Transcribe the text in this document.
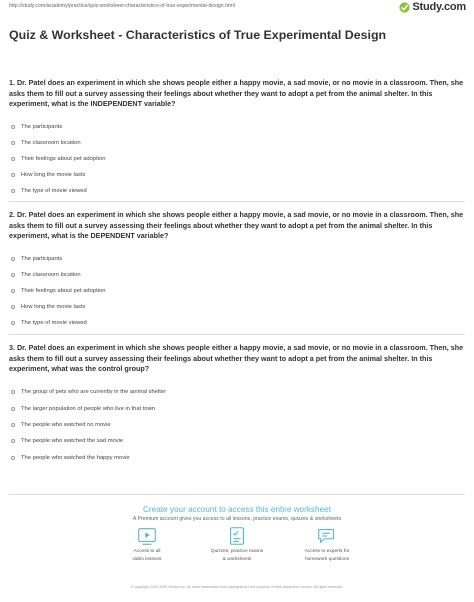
http://study.com/academy/practice/quiz-worksheet-characteristics-of-true-experimental-design.html	Study.com
Quiz & Worksheet - Characteristics of True Experimental Design

1. Dr. Patel does an experiment in which she shows people either a happy movie, a sad movie, or no movie in a classroom. Then, she asks them to fill out a survey assessing their feelings about whether they want to adopt a pet from the animal shelter. In this experiment, what is the INDEPENDENT variable?

The participants
The classroom location
Their feelings about pet adoption
How long the movie lasts
The type of movie viewed

2. Dr. Patel does an experiment in which she shows people either a happy movie, a sad movie, or no movie in a classroom. Then, she asks them to fill out a survey assessing their feelings about whether they want to adopt a pet from the animal shelter. In this experiment, what is the DEPENDENT variable?

The participants
The classroom location
Their feelings about pet adoption
How long the movie lasts
The type of movie viewed

3. Dr. Patel does an experiment in which she shows people either a happy movie, a sad movie, or no movie in a classroom. Then, she asks them to fill out a survey assessing their feelings about whether they want to adopt a pet from the animal shelter. In this experiment, what was the control group?

The group of pets who are currently in the animal shelter
The larger population of people who live in that town
The people who watched no movie
The people who watched the sad movie
The people who watched the happy movie

Create your account to access this entire worksheet

A Premium account gives you access to all lessons, practice exams, quizzes & worksheets

Access to all
video lessons
Quizzes, practice exams
& worksheets
Access to experts for
homework questions
© copyright 2003-2020 Study.com. All other trademarks and copyrights are the property of their respective owners. All rights reserved.
